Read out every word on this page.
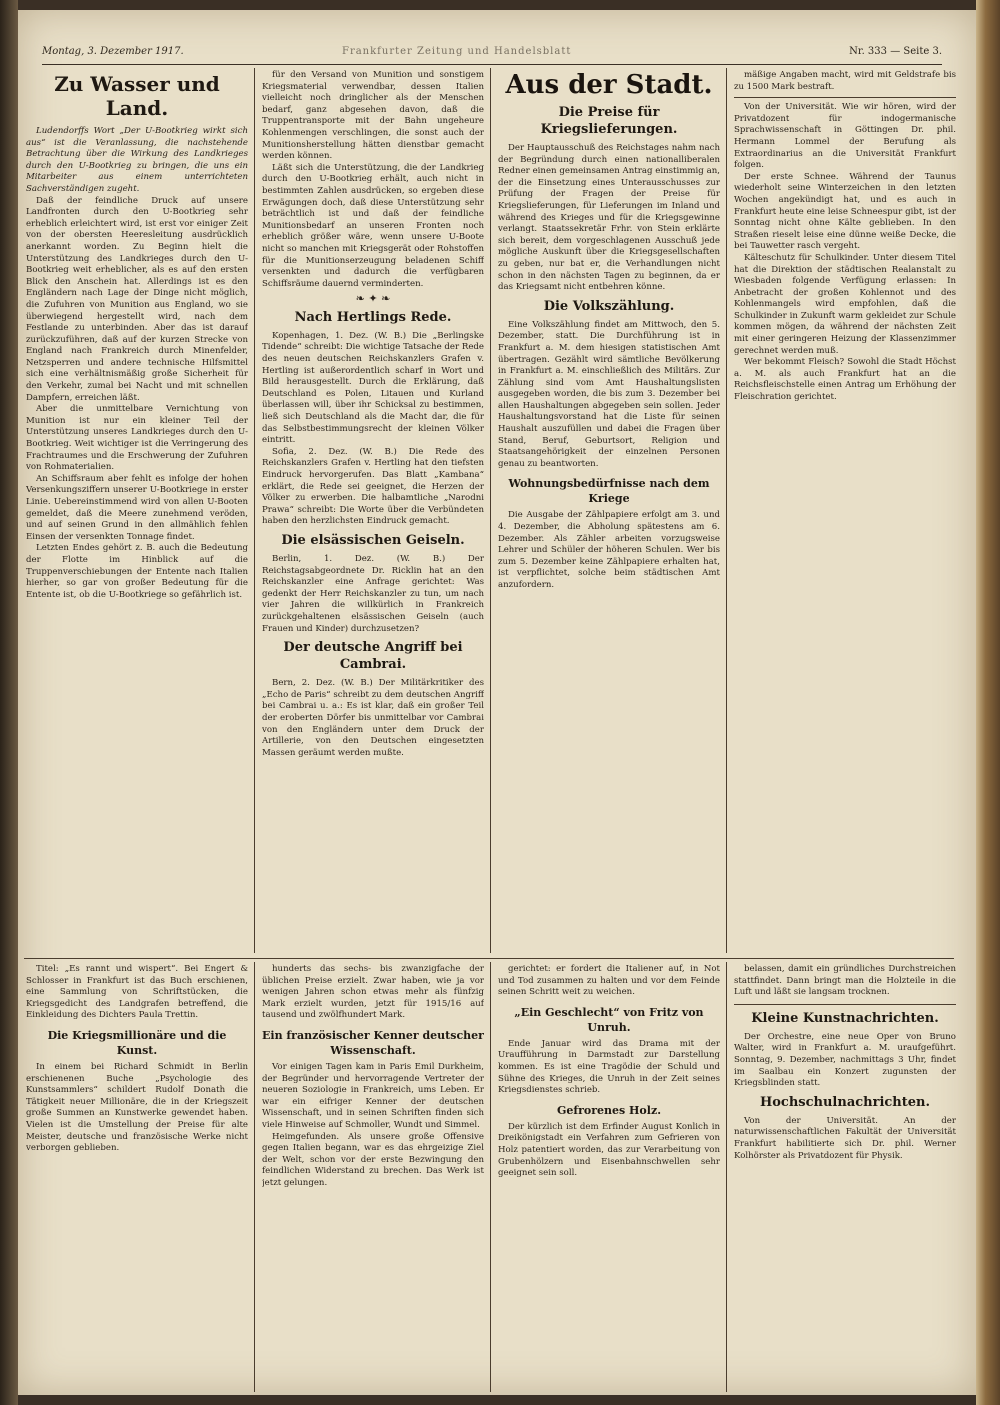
Montag, 3. Dezember 1917.	Frankfurter Zeitung und Handelsblatt	Nr. 333 — Seite 3.
Zu Wasser und Land.

Ludendorffs Wort „Der U-Bootkrieg wirkt sich aus“ ist die Veranlassung, die nachstehende Betrachtung über die Wirkung des Landkrieges durch den U-Bootkrieg zu bringen, die uns ein Mitarbeiter aus einem unterrichteten Sachverständigen zugeht.

Daß der feindliche Druck auf unsere Landfronten durch den U-Bootkrieg sehr erheblich erleichtert wird, ist erst vor einiger Zeit von der obersten Heeresleitung ausdrücklich anerkannt worden. Zu Beginn hielt die Unterstützung des Landkrieges durch den U-Bootkrieg weit erheblicher, als es auf den ersten Blick den Anschein hat. Allerdings ist es den Engländern nach Lage der Dinge nicht möglich, die Zufuhren von Munition aus England, wo sie überwiegend hergestellt wird, nach dem Festlande zu unterbinden. Aber das ist darauf zurückzuführen, daß auf der kurzen Strecke von England nach Frankreich durch Minenfelder, Netzsperren und andere technische Hilfsmittel sich eine verhältnismäßig große Sicherheit für den Verkehr, zumal bei Nacht und mit schnellen Dampfern, erreichen läßt.

Aber die unmittelbare Vernichtung von Munition ist nur ein kleiner Teil der Unterstützung unseres Landkrieges durch den U-Bootkrieg. Weit wichtiger ist die Verringerung des Frachtraumes und die Erschwerung der Zufuhren von Rohmaterialien.

An Schiffsraum aber fehlt es infolge der hohen Versenkungsziffern unserer U-Bootkriege in erster Linie. Uebereinstimmend wird von allen U-Booten gemeldet, daß die Meere zunehmend veröden, und auf seinen Grund in den allmählich fehlen Einsen der versenkten Tonnage findet.

Letzten Endes gehört z. B. auch die Bedeutung der Flotte im Hinblick auf die Truppenverschiebungen der Entente nach Italien hierher, so gar von großer Bedeutung für die Entente ist, ob die U-Bootkriege so gefährlich ist.

für den Versand von Munition und sonstigem Kriegsmaterial verwendbar, dessen Italien vielleicht noch dringlicher als der Menschen bedarf, ganz abgesehen davon, daß die Truppentransporte mit der Bahn ungeheure Kohlenmengen verschlingen, die sonst auch der Munitionsherstellung hätten dienstbar gemacht werden können.

Läßt sich die Unterstützung, die der Landkrieg durch den U-Bootkrieg erhält, auch nicht in bestimmten Zahlen ausdrücken, so ergeben diese Erwägungen doch, daß diese Unterstützung sehr beträchtlich ist und daß der feindliche Munitionsbedarf an unseren Fronten noch erheblich größer wäre, wenn unsere U-Boote nicht so manchen mit Kriegsgerät oder Rohstoffen für die Munitionserzeugung beladenen Schiff versenkten und dadurch die verfügbaren Schiffsräume dauernd verminderten.

❧ ✦ ❧
Nach Hertlings Rede.

Kopenhagen, 1. Dez. (W. B.) Die „Berlingske Tidende“ schreibt: Die wichtige Tatsache der Rede des neuen deutschen Reichskanzlers Grafen v. Hertling ist außerordentlich scharf in Wort und Bild herausgestellt. Durch die Erklärung, daß Deutschland es Polen, Litauen und Kurland überlassen will, über ihr Schicksal zu bestimmen, ließ sich Deutschland als die Macht dar, die für das Selbstbestimmungsrecht der kleinen Völker eintritt.

Sofia, 2. Dez. (W. B.) Die Rede des Reichskanzlers Grafen v. Hertling hat den tiefsten Eindruck hervorgerufen. Das Blatt „Kambana“ erklärt, die Rede sei geeignet, die Herzen der Völker zu erwerben. Die halbamtliche „Narodni Prawa“ schreibt: Die Worte über die Verbündeten haben den herzlichsten Eindruck gemacht.

Die elsässischen Geiseln.

Berlin, 1. Dez. (W. B.) Der Reichstagsabgeordnete Dr. Ricklin hat an den Reichskanzler eine Anfrage gerichtet: Was gedenkt der Herr Reichskanzler zu tun, um nach vier Jahren die willkürlich in Frankreich zurückgehaltenen elsässischen Geiseln (auch Frauen und Kinder) durchzusetzen?

Der deutsche Angriff bei Cambrai.

Bern, 2. Dez. (W. B.) Der Militärkritiker des „Echo de Paris“ schreibt zu dem deutschen Angriff bei Cambrai u. a.: Es ist klar, daß ein großer Teil der eroberten Dörfer bis unmittelbar vor Cambrai von den Engländern unter dem Druck der Artillerie, von den Deutschen eingesetzten Massen geräumt werden mußte.

Aus der Stadt.
Die Preise für Kriegslieferungen.

Der Hauptausschuß des Reichstages nahm nach der Begründung durch einen nationalliberalen Redner einen gemeinsamen Antrag einstimmig an, der die Einsetzung eines Unterausschusses zur Prüfung der Fragen der Preise für Kriegslieferungen, für Lieferungen im Inland und während des Krieges und für die Kriegsgewinne verlangt. Staatssekretär Frhr. von Stein erklärte sich bereit, dem vorgeschlagenen Ausschuß jede mögliche Auskunft über die Kriegsgesellschaften zu geben, nur bat er, die Verhandlungen nicht schon in den nächsten Tagen zu beginnen, da er das Kriegsamt nicht entbehren könne.

Die Volkszählung.

Eine Volkszählung findet am Mittwoch, den 5. Dezember, statt. Die Durchführung ist in Frankfurt a. M. dem hiesigen statistischen Amt übertragen. Gezählt wird sämtliche Bevölkerung in Frankfurt a. M. einschließlich des Militärs. Zur Zählung sind vom Amt Haushaltungslisten ausgegeben worden, die bis zum 3. Dezember bei allen Haushaltungen abgegeben sein sollen. Jeder Haushaltungsvorstand hat die Liste für seinen Haushalt auszufüllen und dabei die Fragen über Stand, Beruf, Geburtsort, Religion und Staatsangehörigkeit der einzelnen Personen genau zu beantworten.

Wohnungsbedürfnisse nach dem Kriege

Die Ausgabe der Zählpapiere erfolgt am 3. und 4. Dezember, die Abholung spätestens am 6. Dezember. Als Zähler arbeiten vorzugsweise Lehrer und Schüler der höheren Schulen. Wer bis zum 5. Dezember keine Zählpapiere erhalten hat, ist verpflichtet, solche beim städtischen Amt anzufordern.

mäßige Angaben macht, wird mit Geldstrafe bis zu 1500 Mark bestraft.

Von der Universität. Wie wir hören, wird der Privatdozent für indogermanische Sprachwissenschaft in Göttingen Dr. phil. Hermann Lommel der Berufung als Extraordinarius an die Universität Frankfurt folgen.

Der erste Schnee. Während der Taunus wiederholt seine Winterzeichen in den letzten Wochen angekündigt hat, und es auch in Frankfurt heute eine leise Schneespur gibt, ist der Sonntag nicht ohne Kälte geblieben. In den Straßen rieselt leise eine dünne weiße Decke, die bei Tauwetter rasch vergeht.

Kälteschutz für Schulkinder. Unter diesem Titel hat die Direktion der städtischen Realanstalt zu Wiesbaden folgende Verfügung erlassen: In Anbetracht der großen Kohlennot und des Kohlenmangels wird empfohlen, daß die Schulkinder in Zukunft warm gekleidet zur Schule kommen mögen, da während der nächsten Zeit mit einer geringeren Heizung der Klassenzimmer gerechnet werden muß.

Wer bekommt Fleisch? Sowohl die Stadt Höchst a. M. als auch Frankfurt hat an die Reichsfleischstelle einen Antrag um Erhöhung der Fleischration gerichtet.

Titel: „Es rannt und wispert“. Bei Engert & Schlosser in Frankfurt ist das Buch erschienen, eine Sammlung von Schriftstücken, die Kriegsgedicht des Landgrafen betreffend, die Einkleidung des Dichters Paula Trettin.

Die Kriegsmillionäre und die Kunst.

In einem bei Richard Schmidt in Berlin erschienenen Buche „Psychologie des Kunstsammlers“ schildert Rudolf Donath die Tätigkeit neuer Millionäre, die in der Kriegszeit große Summen an Kunstwerke gewendet haben. Vielen ist die Umstellung der Preise für alte Meister, deutsche und französische Werke nicht verborgen geblieben.

hunderts das sechs- bis zwanzigfache der üblichen Preise erzielt. Zwar haben, wie ja vor wenigen Jahren schon etwas mehr als fünfzig Mark erzielt wurden, jetzt für 1915/16 auf tausend und zwölfhundert Mark.

Ein französischer Kenner deutscher Wissenschaft.

Vor einigen Tagen kam in Paris Emil Durkheim, der Begründer und hervorragende Vertreter der neueren Soziologie in Frankreich, ums Leben. Er war ein eifriger Kenner der deutschen Wissenschaft, und in seinen Schriften finden sich viele Hinweise auf Schmoller, Wundt und Simmel.

Heimgefunden. Als unsere große Offensive gegen Italien begann, war es das ehrgeizige Ziel der Welt, schon vor der erste Bezwingung den feindlichen Widerstand zu brechen. Das Werk ist jetzt gelungen.

gerichtet: er fordert die Italiener auf, in Not und Tod zusammen zu halten und vor dem Feinde seinen Schritt weit zu weichen.

„Ein Geschlecht“ von Fritz von Unruh.

Ende Januar wird das Drama mit der Uraufführung in Darmstadt zur Darstellung kommen. Es ist eine Tragödie der Schuld und Sühne des Krieges, die Unruh in der Zeit seines Kriegsdienstes schrieb.

Gefrorenes Holz.

Der kürzlich ist dem Erfinder August Konlich in Dreikönigstadt ein Verfahren zum Gefrieren von Holz patentiert worden, das zur Verarbeitung von Grubenhölzern und Eisenbahnschwellen sehr geeignet sein soll.

belassen, damit ein gründliches Durchstreichen stattfindet. Dann bringt man die Holzteile in die Luft und läßt sie langsam trocknen.

Kleine Kunstnachrichten.

Der Orchestre, eine neue Oper von Bruno Walter, wird in Frankfurt a. M. uraufgeführt. Sonntag, 9. Dezember, nachmittags 3 Uhr, findet im Saalbau ein Konzert zugunsten der Kriegsblinden statt.

Hochschulnachrichten.

Von der Universität. An der naturwissenschaftlichen Fakultät der Universität Frankfurt habilitierte sich Dr. phil. Werner Kolhörster als Privatdozent für Physik.
